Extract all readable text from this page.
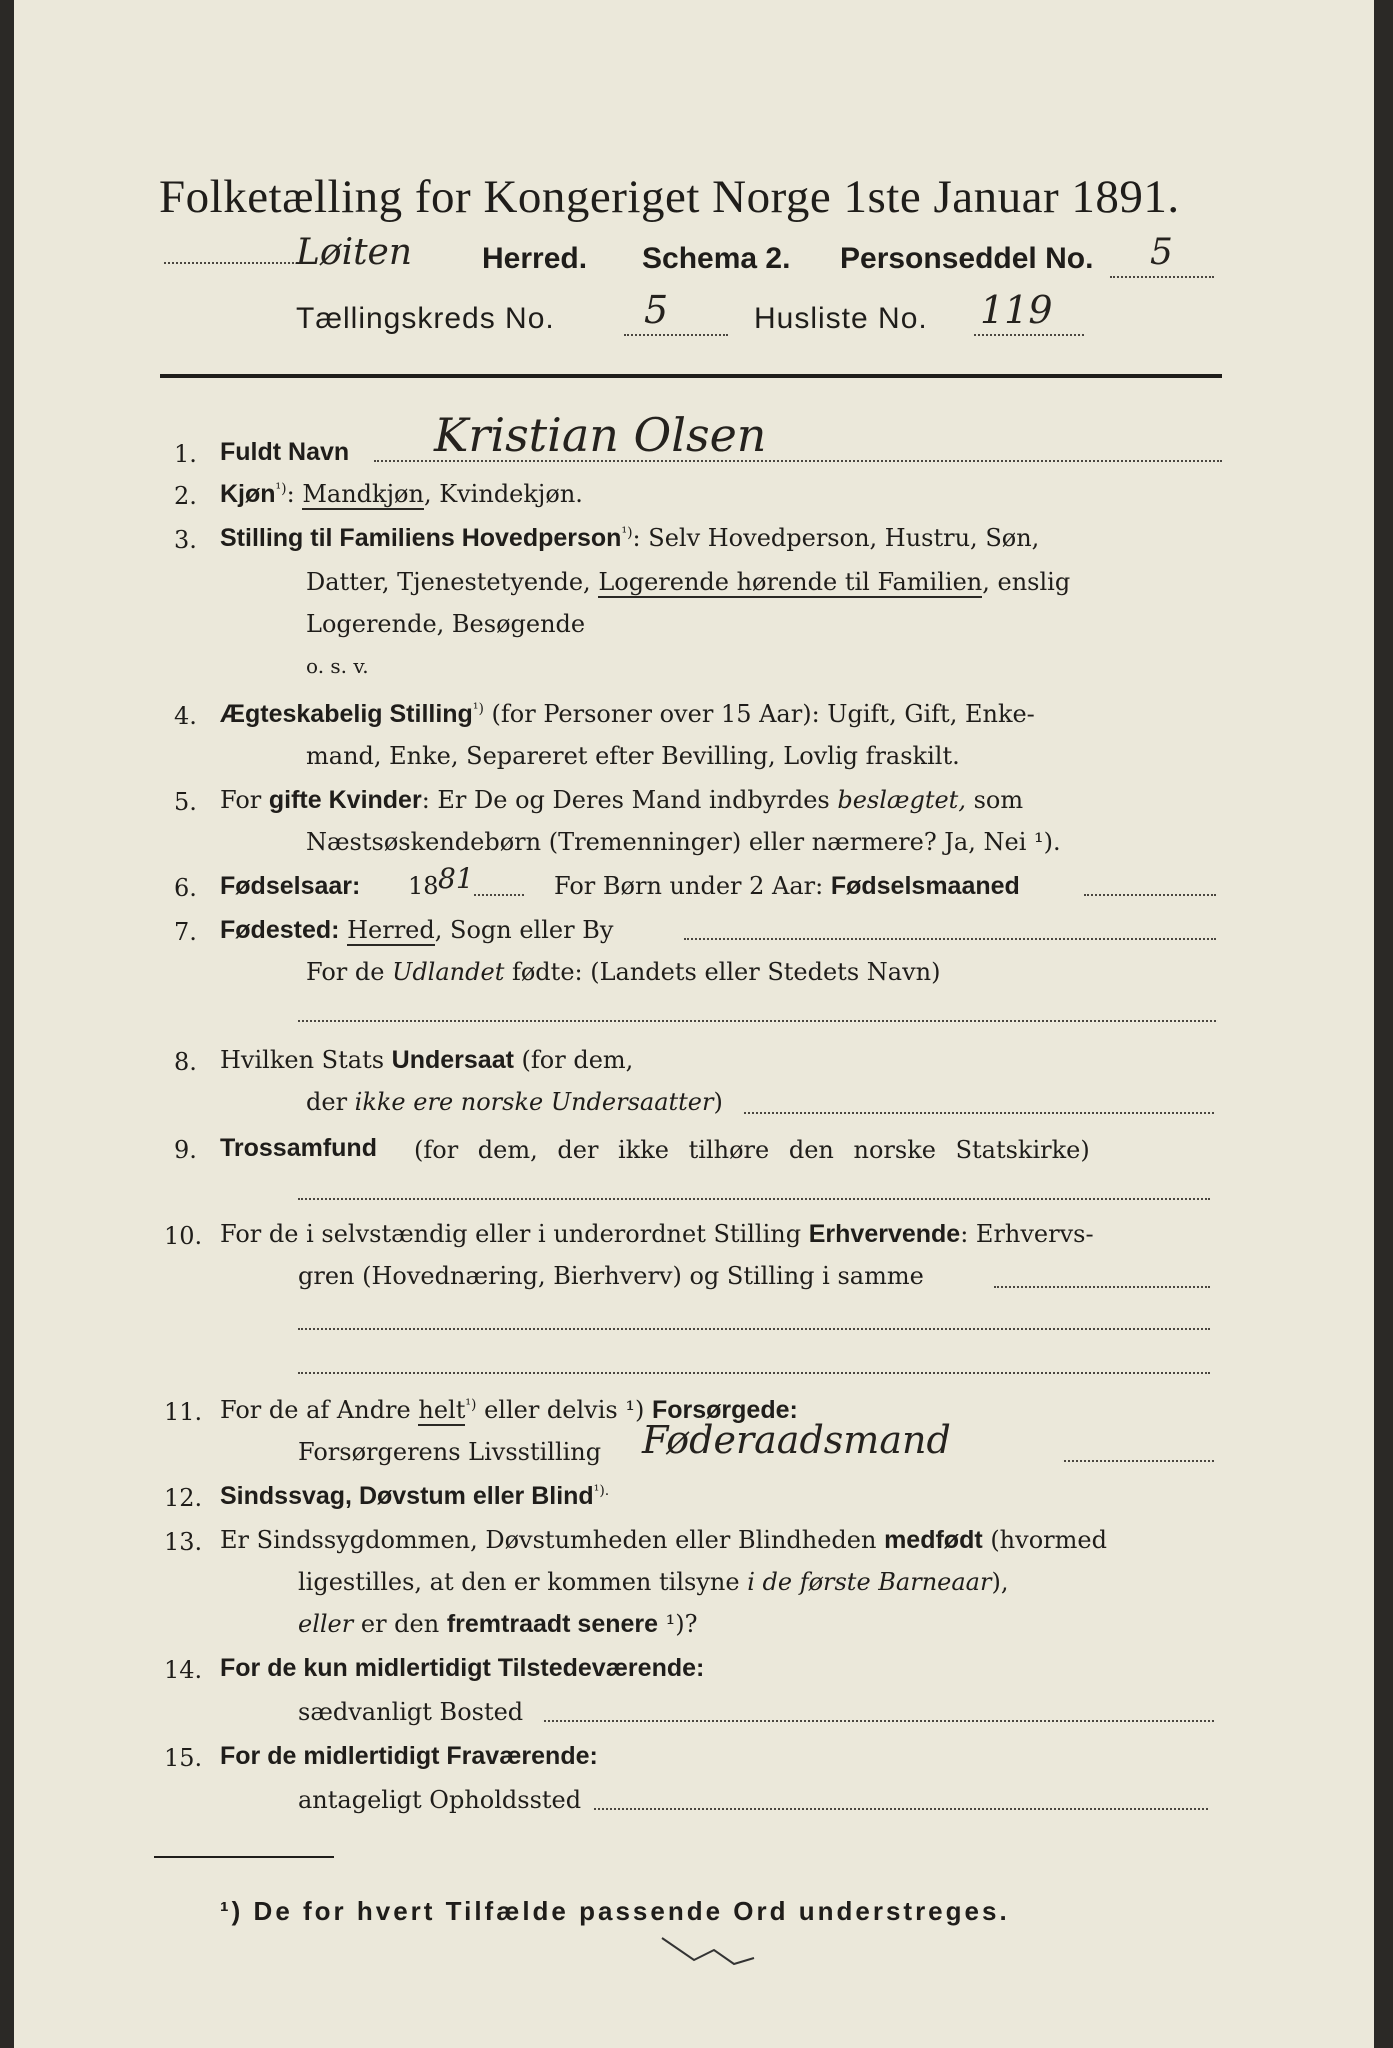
Folketælling for Kongeriget Norge 1ste Januar 1891.
Løiten Herred. Schema 2. Personseddel No. 5
Tællingskreds No. 5	Husliste No. 119
1. Fuldt Navn Kristian Olsen
2. Kjøn$^{^1)}$: Mandkjøn, Kvindekjøn.
3. Stilling til Familiens Hovedperson$^{^1)}$: Selv Hovedperson, Hustru, Søn,
Datter, Tjenestetyende, Logerende hørende til Familien, enslig
Logerende, Besøgende
o. s. v.
4. Ægteskabelig Stilling$^{^1)}$ (for Personer over 15 Aar): Ugift, Gift, Enke-
mand, Enke, Separeret efter Bevilling, Lovlig fraskilt.
5. For gifte Kvinder: Er De og Deres Mand indbyrdes beslægtet, som
Næstsøskendebørn (Tremenninger) eller nærmere? Ja, Nei ¹).
6. Fødselsaar: 18 81	For Børn under 2 Aar: Fødselsmaaned
7. Fødested: Herred, Sogn eller By
For de Udlandet fødte: (Landets eller Stedets Navn)
8. Hvilken Stats Undersaat (for dem,
der ikke ere norske Undersaatter)
9. Trossamfund (for dem, der ikke tilhøre den norske Statskirke)
10. For de i selvstændig eller i underordnet Stilling Erhvervende: Erhvervs-
gren (Hovednæring, Bierhverv) og Stilling i samme
11. For de af Andre helt$^{^1)}$ eller delvis ¹) Forsørgede:
Forsørgerens Livsstilling Føderaadsmand
12. Sindssvag, Døvstum eller Blind$^{^1).}$
13. Er Sindssygdommen, Døvstumheden eller Blindheden medfødt (hvormed
ligestilles, at den er kommen tilsyne i de første Barneaar),
eller er den fremtraadt senere ¹)?
14. For de kun midlertidigt Tilstedeværende:
sædvanligt Bosted
15. For de midlertidigt Fraværende:
antageligt Opholdssted
¹) De for hvert Tilfælde passende Ord understreges.
